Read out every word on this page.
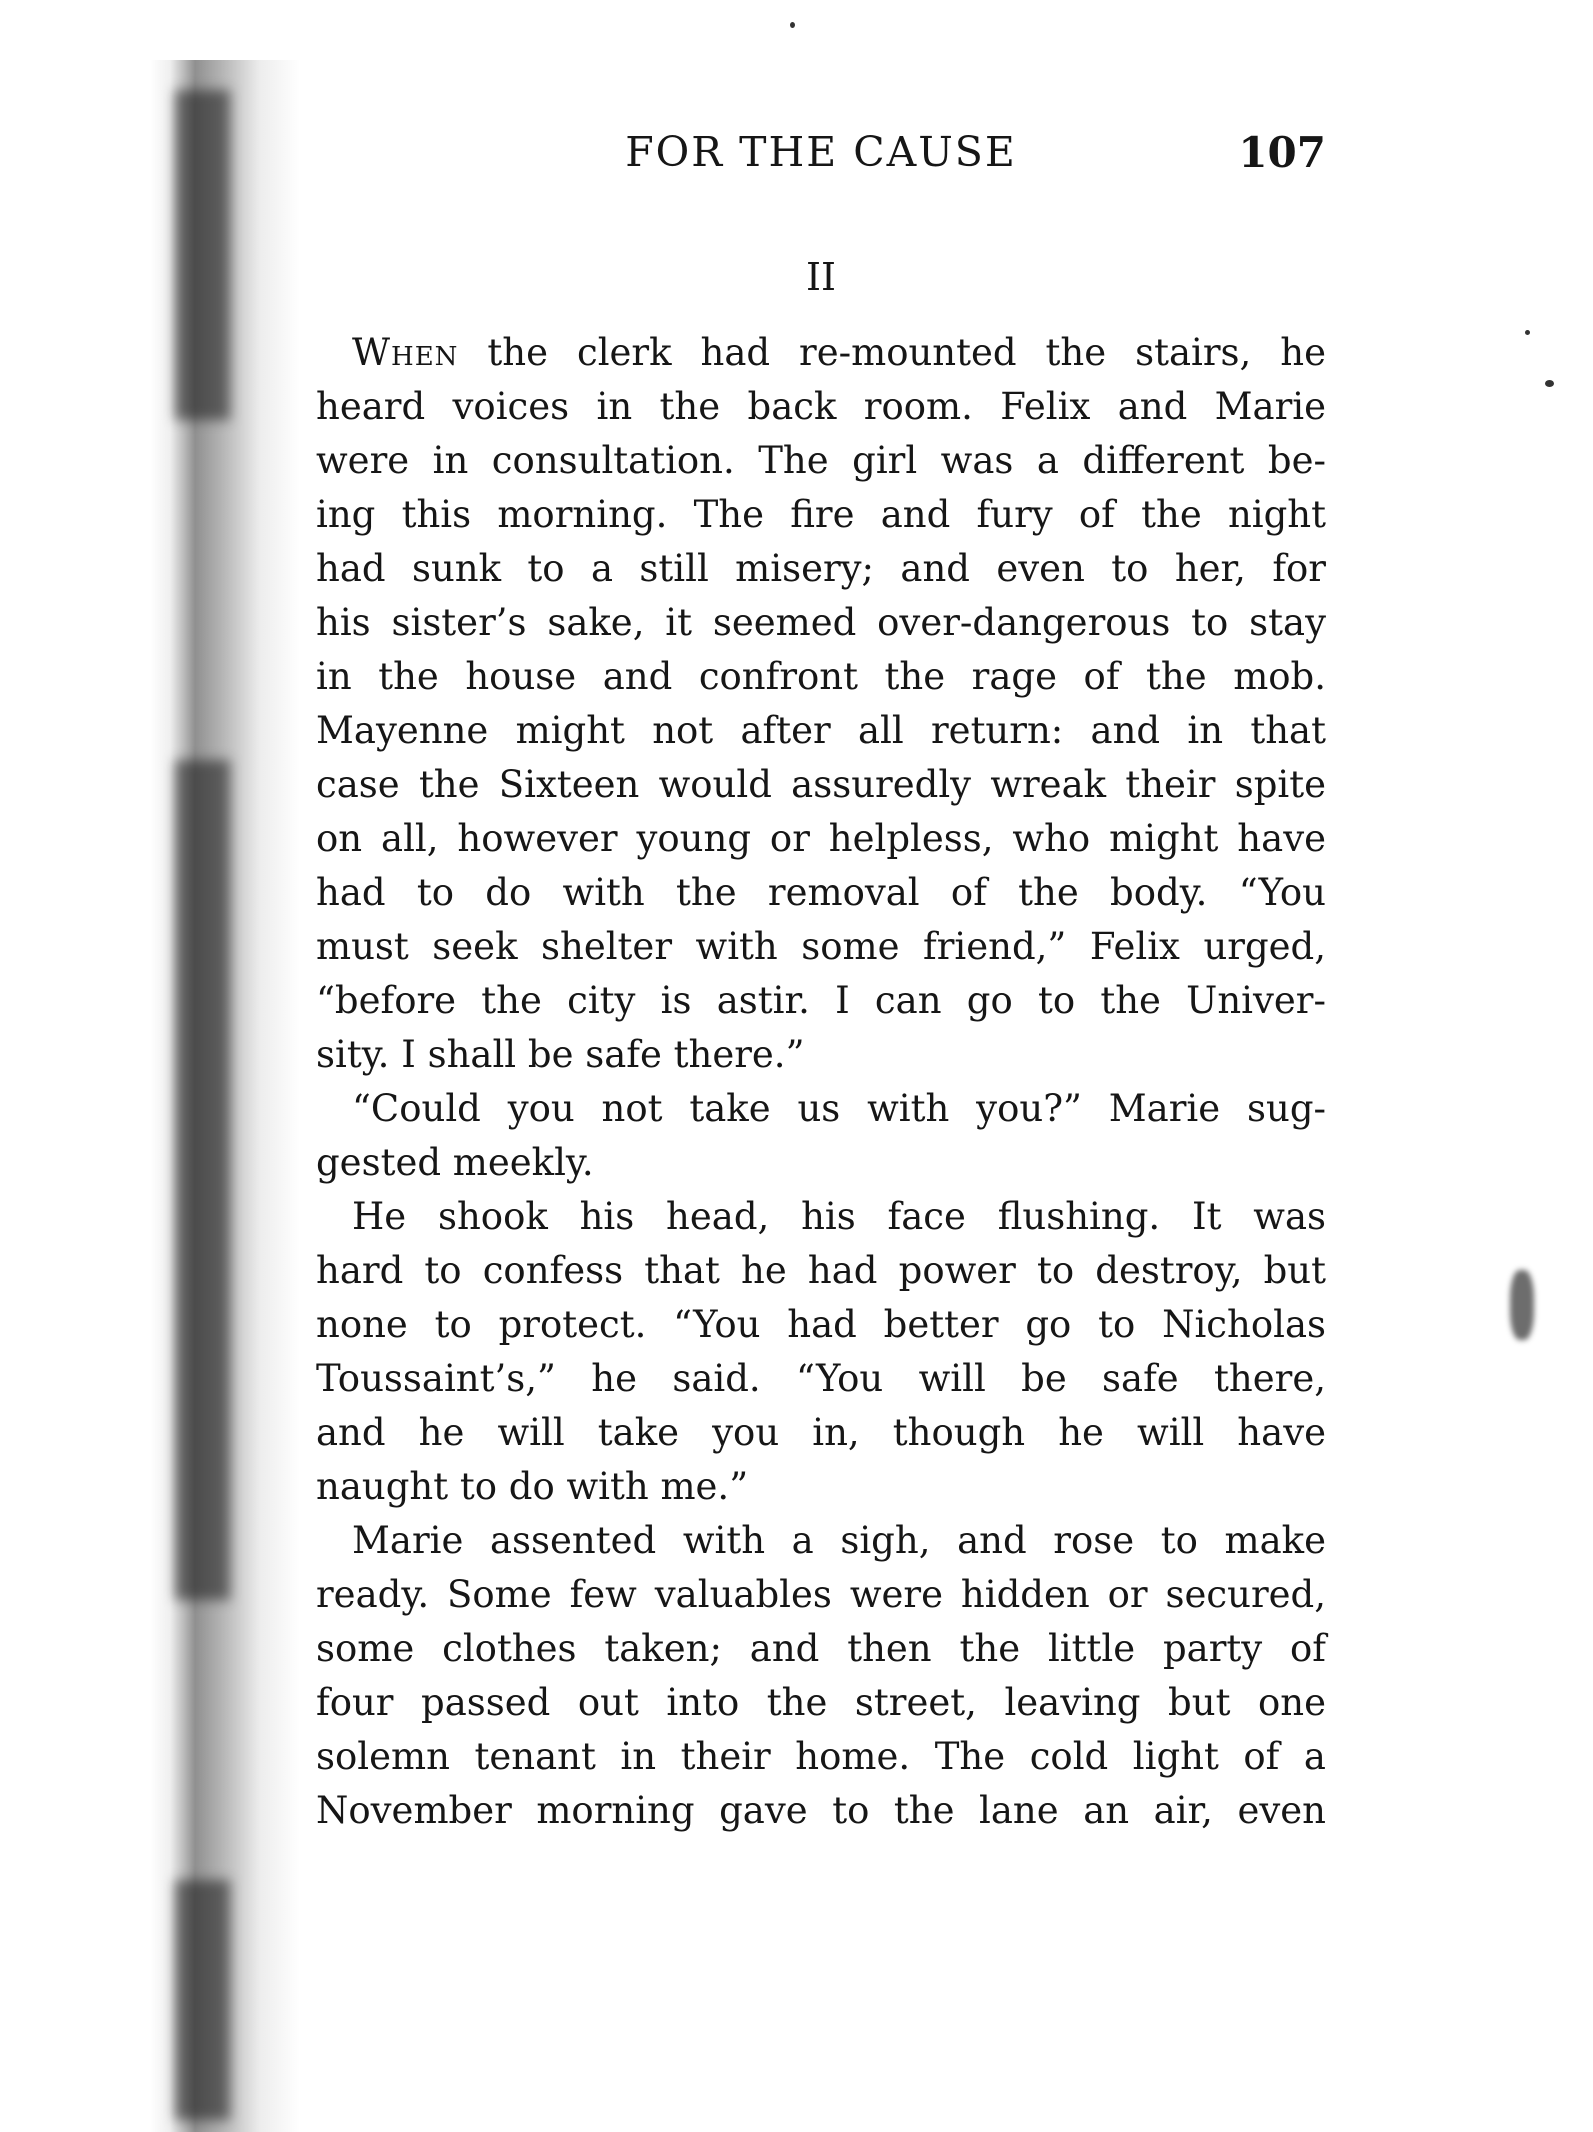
FOR THE CAUSE	107
II
When the clerk had re-mounted the stairs, he
heard voices in the back room. Felix and Marie
were in consultation. The girl was a different be-
ing this morning. The fire and fury of the night
had sunk to a still misery; and even to her, for
his sister’s sake, it seemed over-dangerous to stay
in the house and confront the rage of the mob.
Mayenne might not after all return: and in that
case the Sixteen would assuredly wreak their spite
on all, however young or helpless, who might have
had to do with the removal of the body. “You
must seek shelter with some friend,” Felix urged,
“before the city is astir. I can go to the Univer-
sity. I shall be safe there.”
“Could you not take us with you?” Marie sug-
gested meekly.
He shook his head, his face flushing. It was
hard to confess that he had power to destroy, but
none to protect. “You had better go to Nicholas
Toussaint’s,” he said. “You will be safe there,
and he will take you in, though he will have
naught to do with me.”
Marie assented with a sigh, and rose to make
ready. Some few valuables were hidden or secured,
some clothes taken; and then the little party of
four passed out into the street, leaving but one
solemn tenant in their home. The cold light of a
November morning gave to the lane an air, even
